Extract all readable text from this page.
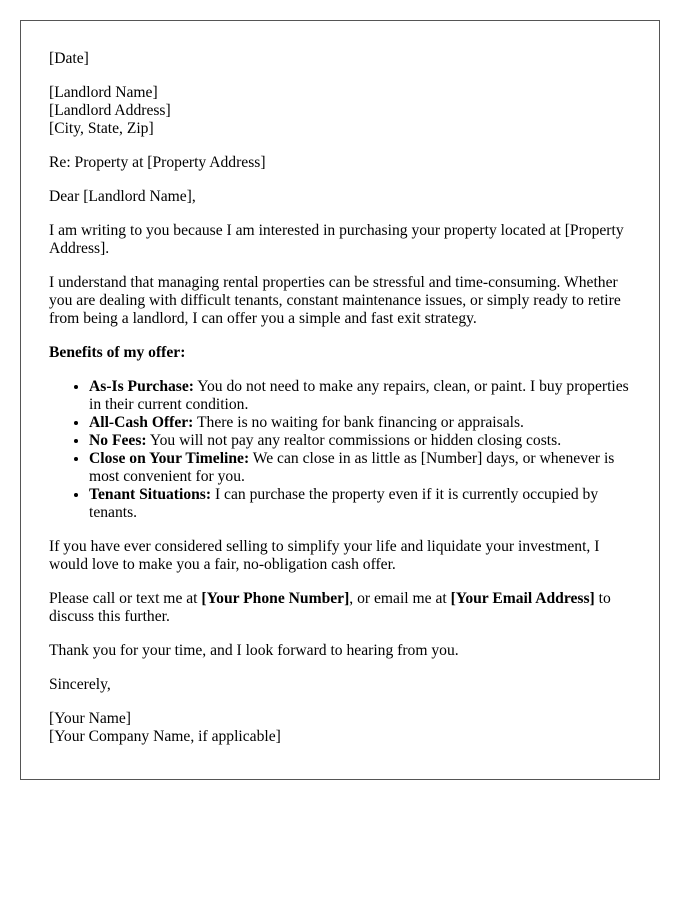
[Date]

[Landlord Name]
[Landlord Address]
[City, State, Zip]

Re: Property at [Property Address]

Dear [Landlord Name],

I am writing to you because I am interested in purchasing your property located at [Property Address].

I understand that managing rental properties can be stressful and time-consuming. Whether you are dealing with difficult tenants, constant maintenance issues, or simply ready to retire from being a landlord, I can offer you a simple and fast exit strategy.

Benefits of my offer:

• As-Is Purchase: You do not need to make any repairs, clean, or paint. I buy properties in their current condition.
• All-Cash Offer: There is no waiting for bank financing or appraisals.
• No Fees: You will not pay any realtor commissions or hidden closing costs.
• Close on Your Timeline: We can close in as little as [Number] days, or whenever is most convenient for you.
• Tenant Situations: I can purchase the property even if it is currently occupied by tenants.

If you have ever considered selling to simplify your life and liquidate your investment, I would love to make you a fair, no-obligation cash offer.

Please call or text me at [Your Phone Number], or email me at [Your Email Address] to discuss this further.

Thank you for your time, and I look forward to hearing from you.

Sincerely,

[Your Name]
[Your Company Name, if applicable]
